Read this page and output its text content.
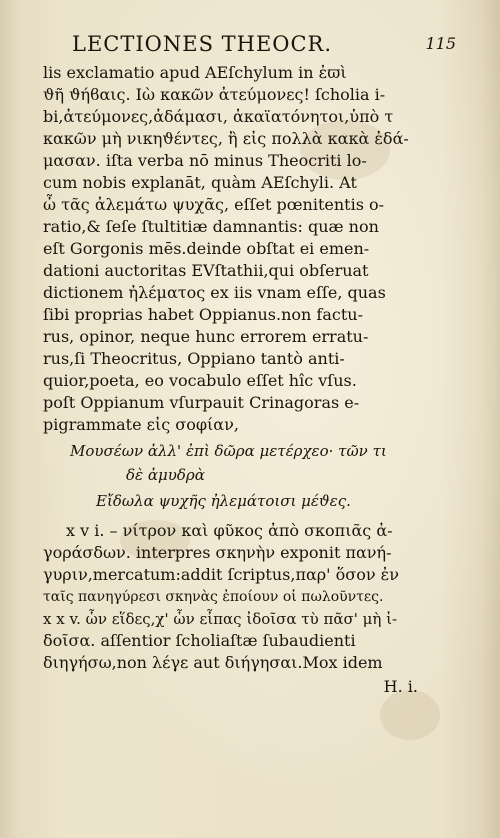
LECTIONES THEOCR.	115
lis exclamatio apud AEſchylum in ἐϖὶ
ϑῆ ϑήϐαις. Ιὼ κακῶν ἀτεύμονες! ſcholia i-
bi,ἀτεύμονες,ἀδάμασι, ἀκαϊατόνητοι,ὑπὸ τ
κακῶν μὴ νικηϑέντες, ἢ εἰς πολλὰ κακὰ ἐδά-
μασαν. iſta verba nō minus Theocriti lo-
cum nobis explanāt, quàm AEſchyli. At
ὦ τᾶς ἀλεμάτω ψυχᾶς, eſſet pœnitentis o-
ratio,& ſeſe ſtultitiæ damnantis: quæ non
eſt Gorgonis mēs.deinde obſtat ei emen-
dationi auctoritas EVſtathii,qui obſeruat
dictionem ἠλέματος ex iis vnam eſſe, quas
ſibi proprias habet Oppianus.non factu-
rus, opinor, neque hunc errorem erratu-
rus,ſi Theocritus, Oppiano tantò anti-
quior,poeta, eo vocabulo eſſet hîc vſus.
poſt Oppianum vſurpauit Crinagoras e-
pigrammate εἰς σοφίαν,
Μουσέων ἀλλ' ἐπὶ δῶρα μετέρχεο· τῶν τι
δὲ ἀμυδρὰ
Εἴδωλα ψυχῆς ἠλεμάτοισι μέϑες.
x v i. – νίτρον καὶ φῦκος ἀπὸ σκοπιᾶς ἀ-
γοράσδων. interpres σκηνὴν exponit πανή-
γυριν,mercatum:addit ſcriptus,παρ' ὅσον ἐν
ταῖς πανηγύρεσι σκηνὰς ἐποίουν οἱ πωλοῦντες.
x x v. ὧν εἵδες,χ' ὧν εἶπας ἰδοῖσα τὺ πᾶσ' μὴ ἰ-
δοῖσα. aſſentior ſcholiaſtæ ſubaudienti
διηγήσω,non λέγε aut διήγησαι.Mox idem
H. i.
